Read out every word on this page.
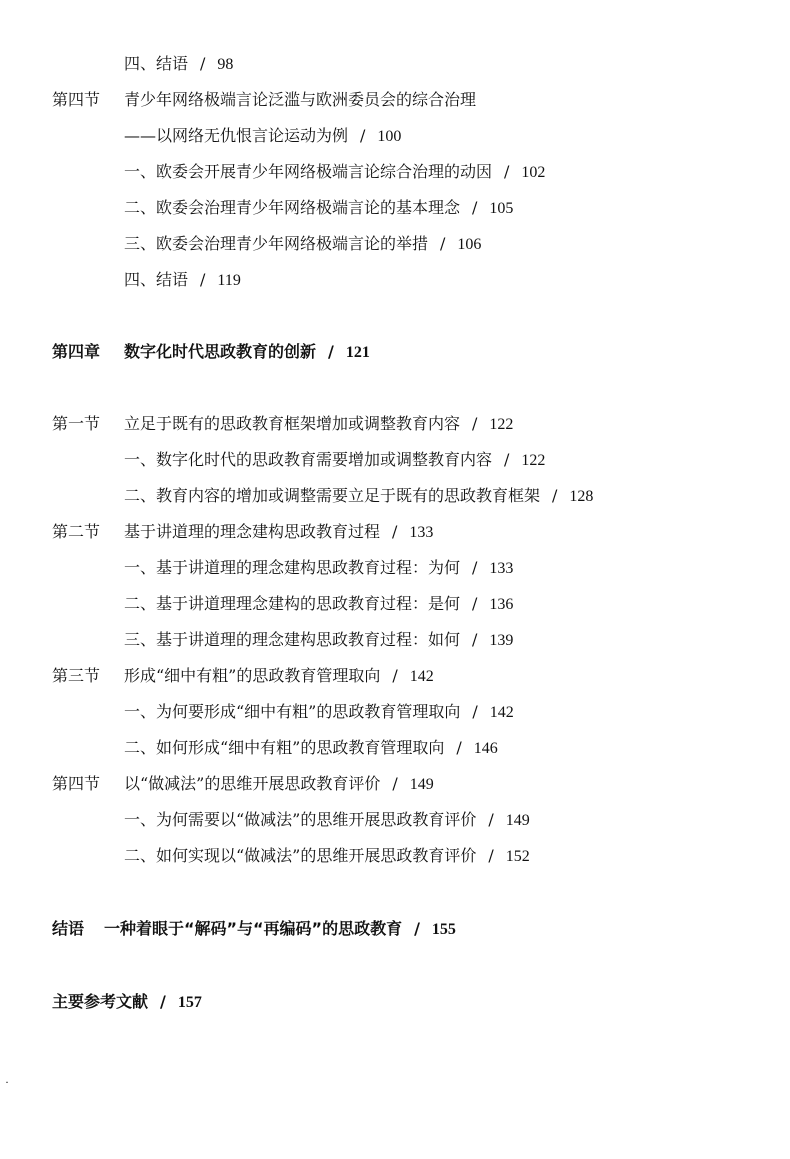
四、结语 / 98
第四节 青少年网络极端言论泛滥与欧洲委员会的综合治理
——以网络无仇恨言论运动为例 / 100
一、欧委会开展青少年网络极端言论综合治理的动因 / 102
二、欧委会治理青少年网络极端言论的基本理念 / 105
三、欧委会治理青少年网络极端言论的举措 / 106
四、结语 / 119
第四章 数字化时代思政教育的创新 / 121
第一节 立足于既有的思政教育框架增加或调整教育内容 / 122
一、数字化时代的思政教育需要增加或调整教育内容 / 122
二、教育内容的增加或调整需要立足于既有的思政教育框架 / 128
第二节 基于讲道理的理念建构思政教育过程 / 133
一、基于讲道理的理念建构思政教育过程：为何 / 133
二、基于讲道理理念建构的思政教育过程：是何 / 136
三、基于讲道理的理念建构思政教育过程：如何 / 139
第三节 形成“细中有粗”的思政教育管理取向 / 142
一、为何要形成“细中有粗”的思政教育管理取向 / 142
二、如何形成“细中有粗”的思政教育管理取向 / 146
第四节 以“做减法”的思维开展思政教育评价 / 149
一、为何需要以“做减法”的思维开展思政教育评价 / 149
二、如何实现以“做减法”的思维开展思政教育评价 / 152
结语 一种着眼于“解码”与“再编码”的思政教育 / 155
主要参考文献 / 157
˙
